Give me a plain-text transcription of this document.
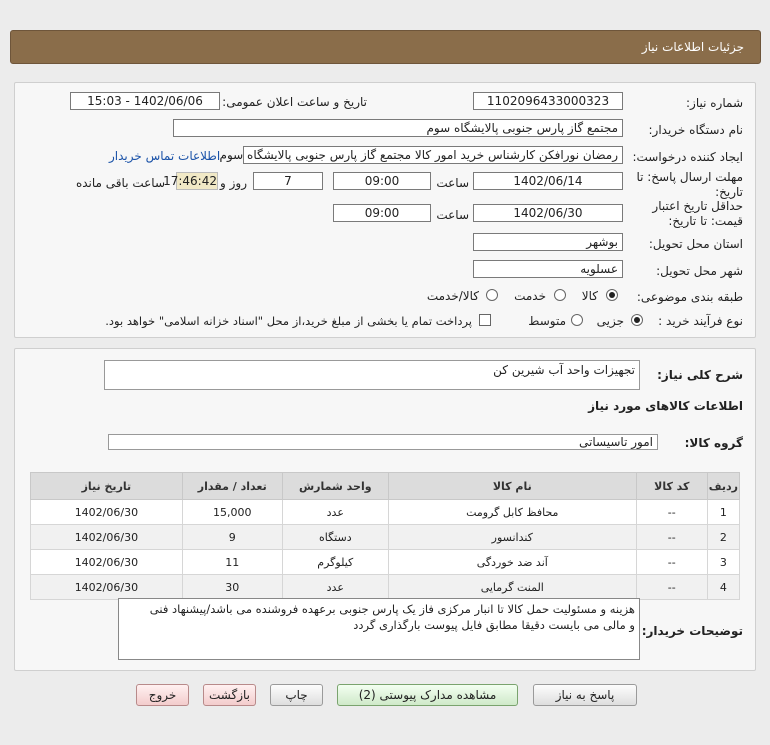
جزئیات اطلاعات نیاز
شماره نیاز:
1102096433000323
تاریخ و ساعت اعلان عمومی:
1402/06/06 - 15:03
نام دستگاه خریدار:
مجتمع گاز پارس جنوبی پالایشگاه سوم
ایجاد کننده درخواست:
رمضان نورافکن کارشناس خرید امور کالا مجتمع گاز پارس جنوبی پالایشگاه سوم
اطلاعات تماس خریدار
مهلت ارسال پاسخ: تا
تاریخ:
1402/06/14
ساعت
09:00
7
روز و
17:46:42
ساعت باقی مانده
حداقل تاریخ اعتبار
قیمت: تا تاریخ:
1402/06/30
ساعت
09:00
استان محل تحویل:
بوشهر
شهر محل تحویل:
عسلویه
طبقه بندی موضوعی:
کالا
خدمت
کالا/خدمت
نوع فرآیند خرید :
جزیی
متوسط
پرداخت تمام یا بخشی از مبلغ خرید،از محل "اسناد خزانه اسلامی" خواهد بود.
شرح کلی نیاز:
تجهیزات واحد آب شیرین کن
اطلاعات کالاهای مورد نیاز
گروه کالا:
امور تاسیساتی
ردیف	کد کالا	نام کالا	واحد شمارش	تعداد / مقدار	تاریخ نیاز
1	--	محافظ کابل گرومت	عدد	15,000	1402/06/30
2	--	کندانسور	دستگاه	9	1402/06/30
3	--	آند ضد خوردگی	کیلوگرم	11	1402/06/30
4	--	المنت گرمایی	عدد	30	1402/06/30
توضیحات خریدار:
هزینه و مسئولیت حمل کالا تا انبار مرکزی فاز یک پارس جنوبی برعهده فروشنده می باشد/پیشنهاد فنی
و مالی می بایست دقیقا مطابق فایل پیوست بارگذاری گردد
پاسخ به نیاز
مشاهده مدارک پیوستی (2)
چاپ
بازگشت
خروج
